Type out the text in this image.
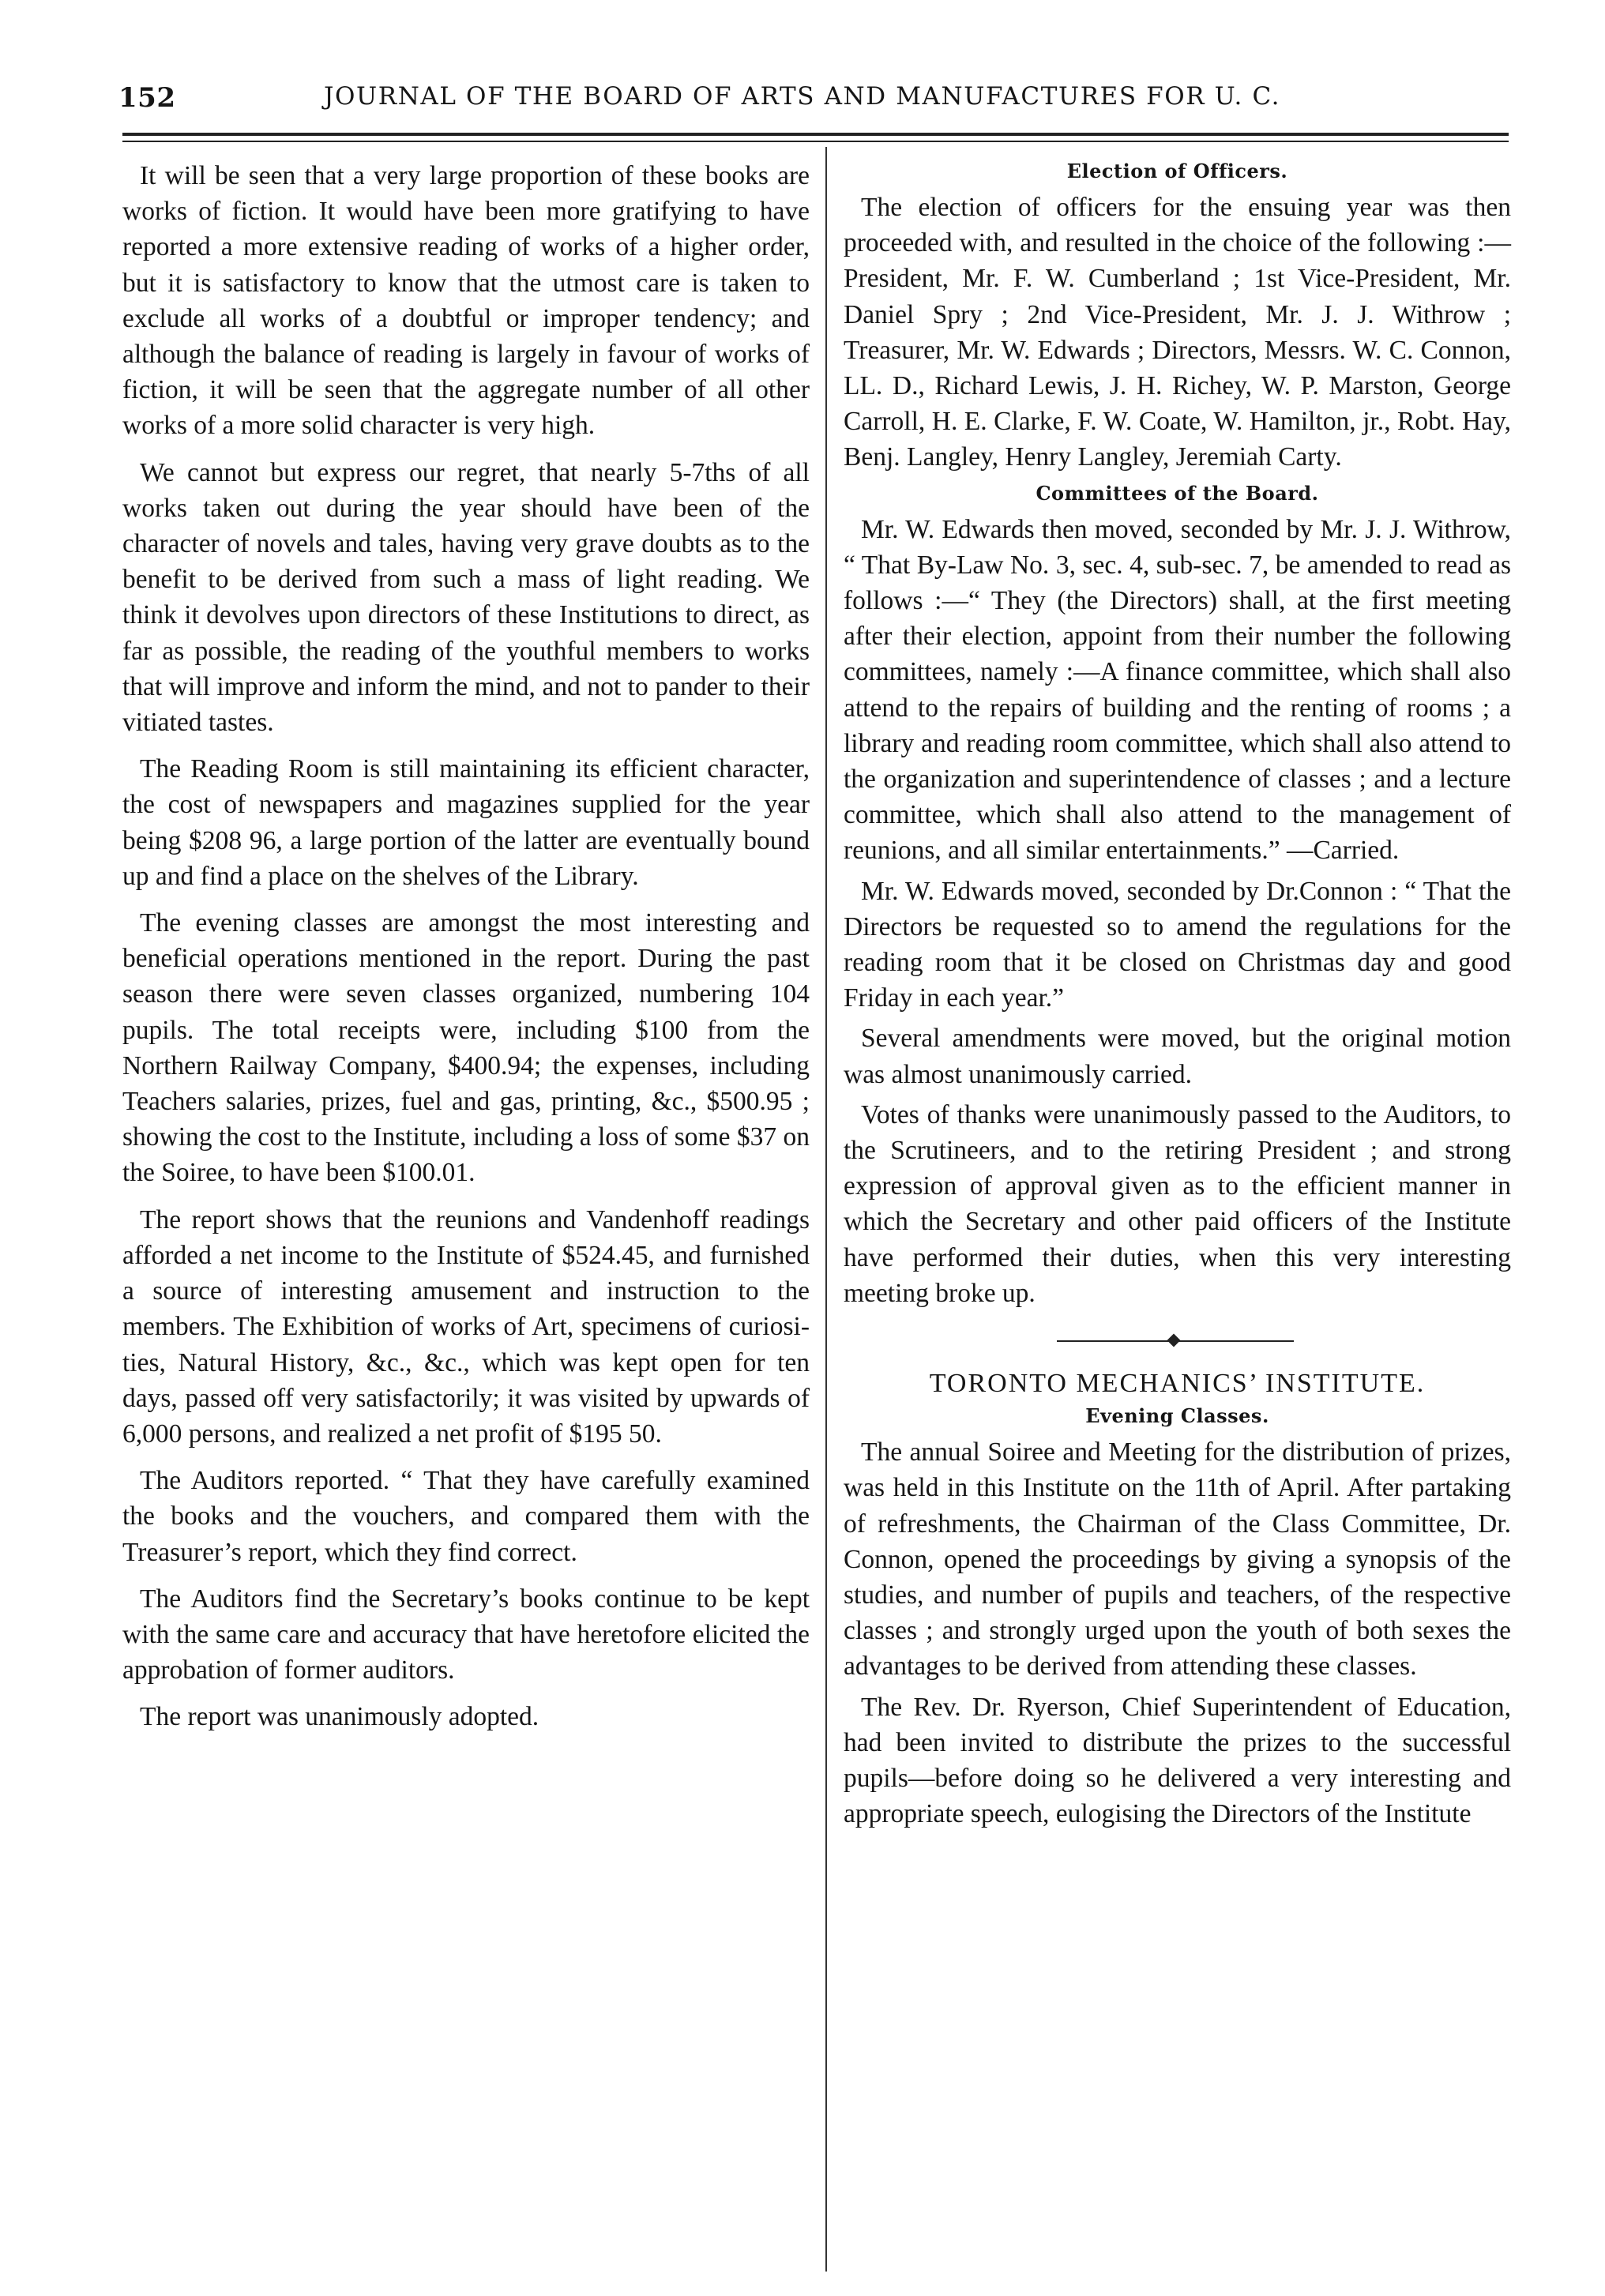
152	JOURNAL OF THE BOARD OF ARTS AND MANUFACTURES FOR U. C.

It will be seen that a very large proportion of these books are works of fiction. It would have been more gratifying to have reported a more extensive reading of works of a higher order, but it is satisfactory to know that the utmost care is taken to exclude all works of a doubtful or improper tendency; and although the balance of reading is largely in favour of works of fiction, it will be seen that the aggregate number of all other works of a more solid character is very high.

We cannot but express our regret, that nearly 5-7ths of all works taken out during the year should have been of the character of novels and tales, having very grave doubts as to the benefit to be derived from such a mass of light reading. We think it devolves upon directors of these Institutions to direct, as far as possible, the reading of the youthful members to works that will improve and inform the mind, and not to pander to their vitiated tastes.

The Reading Room is still maintaining its efficient character, the cost of newspapers and magazines supplied for the year being $208 96, a large portion of the latter are eventually bound up and find a place on the shelves of the Library.

The evening classes are amongst the most interesting and beneficial operations mentioned in the report. During the past season there were seven classes organized, numbering 104 pupils. The total receipts were, including $100 from the Northern Railway Company, $400.94; the expenses, including Teachers salaries, prizes, fuel and gas, printing, &c., $500.95 ; showing the cost to the Institute, including a loss of some $37 on the Soiree, to have been $100.01.

The report shows that the reunions and Vandenhoff readings afforded a net income to the Institute of $524.45, and furnished a source of interesting amusement and instruction to the members. The Exhibition of works of Art, specimens of curiosities, Natural History, &c., &c., which was kept open for ten days, passed off very satisfactorily; it was visited by upwards of 6,000 persons, and realized a net profit of $195 50.

The Auditors reported. “ That they have carefully examined the books and the vouchers, and compared them with the Treasurer’s report, which they find correct.

The Auditors find the Secretary’s books continue to be kept with the same care and accuracy that have heretofore elicited the approbation of former auditors.

The report was unanimously adopted.

Election of Officers.

The election of officers for the ensuing year was then proceeded with, and resulted in the choice of the following :—President, Mr. F. W. Cumberland ; 1st Vice-President, Mr. Daniel Spry ; 2nd Vice-President, Mr. J. J. Withrow ; Treasurer, Mr. W. Edwards ; Directors, Messrs. W. C. Connon, LL. D., Richard Lewis, J. H. Richey, W. P. Marston, George Carroll, H. E. Clarke, F. W. Coate, W. Hamilton, jr., Robt. Hay, Benj. Langley, Henry Langley, Jeremiah Carty.

Committees of the Board.

Mr. W. Edwards then moved, seconded by Mr. J. J. Withrow, “ That By-Law No. 3, sec. 4, sub-sec. 7, be amended to read as follows :—“ They (the Directors) shall, at the first meeting after their election, appoint from their number the following committees, namely :—A finance committee, which shall also attend to the repairs of building and the renting of rooms ; a library and reading room committee, which shall also attend to the organization and superintendence of classes ; and a lecture committee, which shall also attend to the management of reunions, and all similar entertainments.” —Carried.

Mr. W. Edwards moved, seconded by Dr.Connon : “ That the Directors be requested so to amend the regulations for the reading room that it be closed on Christmas day and good Friday in each year.”

Several amendments were moved, but the original motion was almost unanimously carried.

Votes of thanks were unanimously passed to the Auditors, to the Scrutineers, and to the retiring President ; and strong expression of approval given as to the efficient manner in which the Secretary and other paid officers of the Institute have performed their duties, when this very interesting meeting broke up.

TORONTO MECHANICS’ INSTITUTE.
Evening Classes.

The annual Soiree and Meeting for the distribution of prizes, was held in this Institute on the 11th of April. After partaking of refreshments, the Chairman of the Class Committee, Dr. Connon, opened the proceedings by giving a synopsis of the studies, and number of pupils and teachers, of the respective classes ; and strongly urged upon the youth of both sexes the advantages to be derived from attending these classes.

The Rev. Dr. Ryerson, Chief Superintendent of Education, had been invited to distribute the prizes to the successful pupils—before doing so he delivered a very interesting and appropriate speech, eulogising the Directors of the Institute
